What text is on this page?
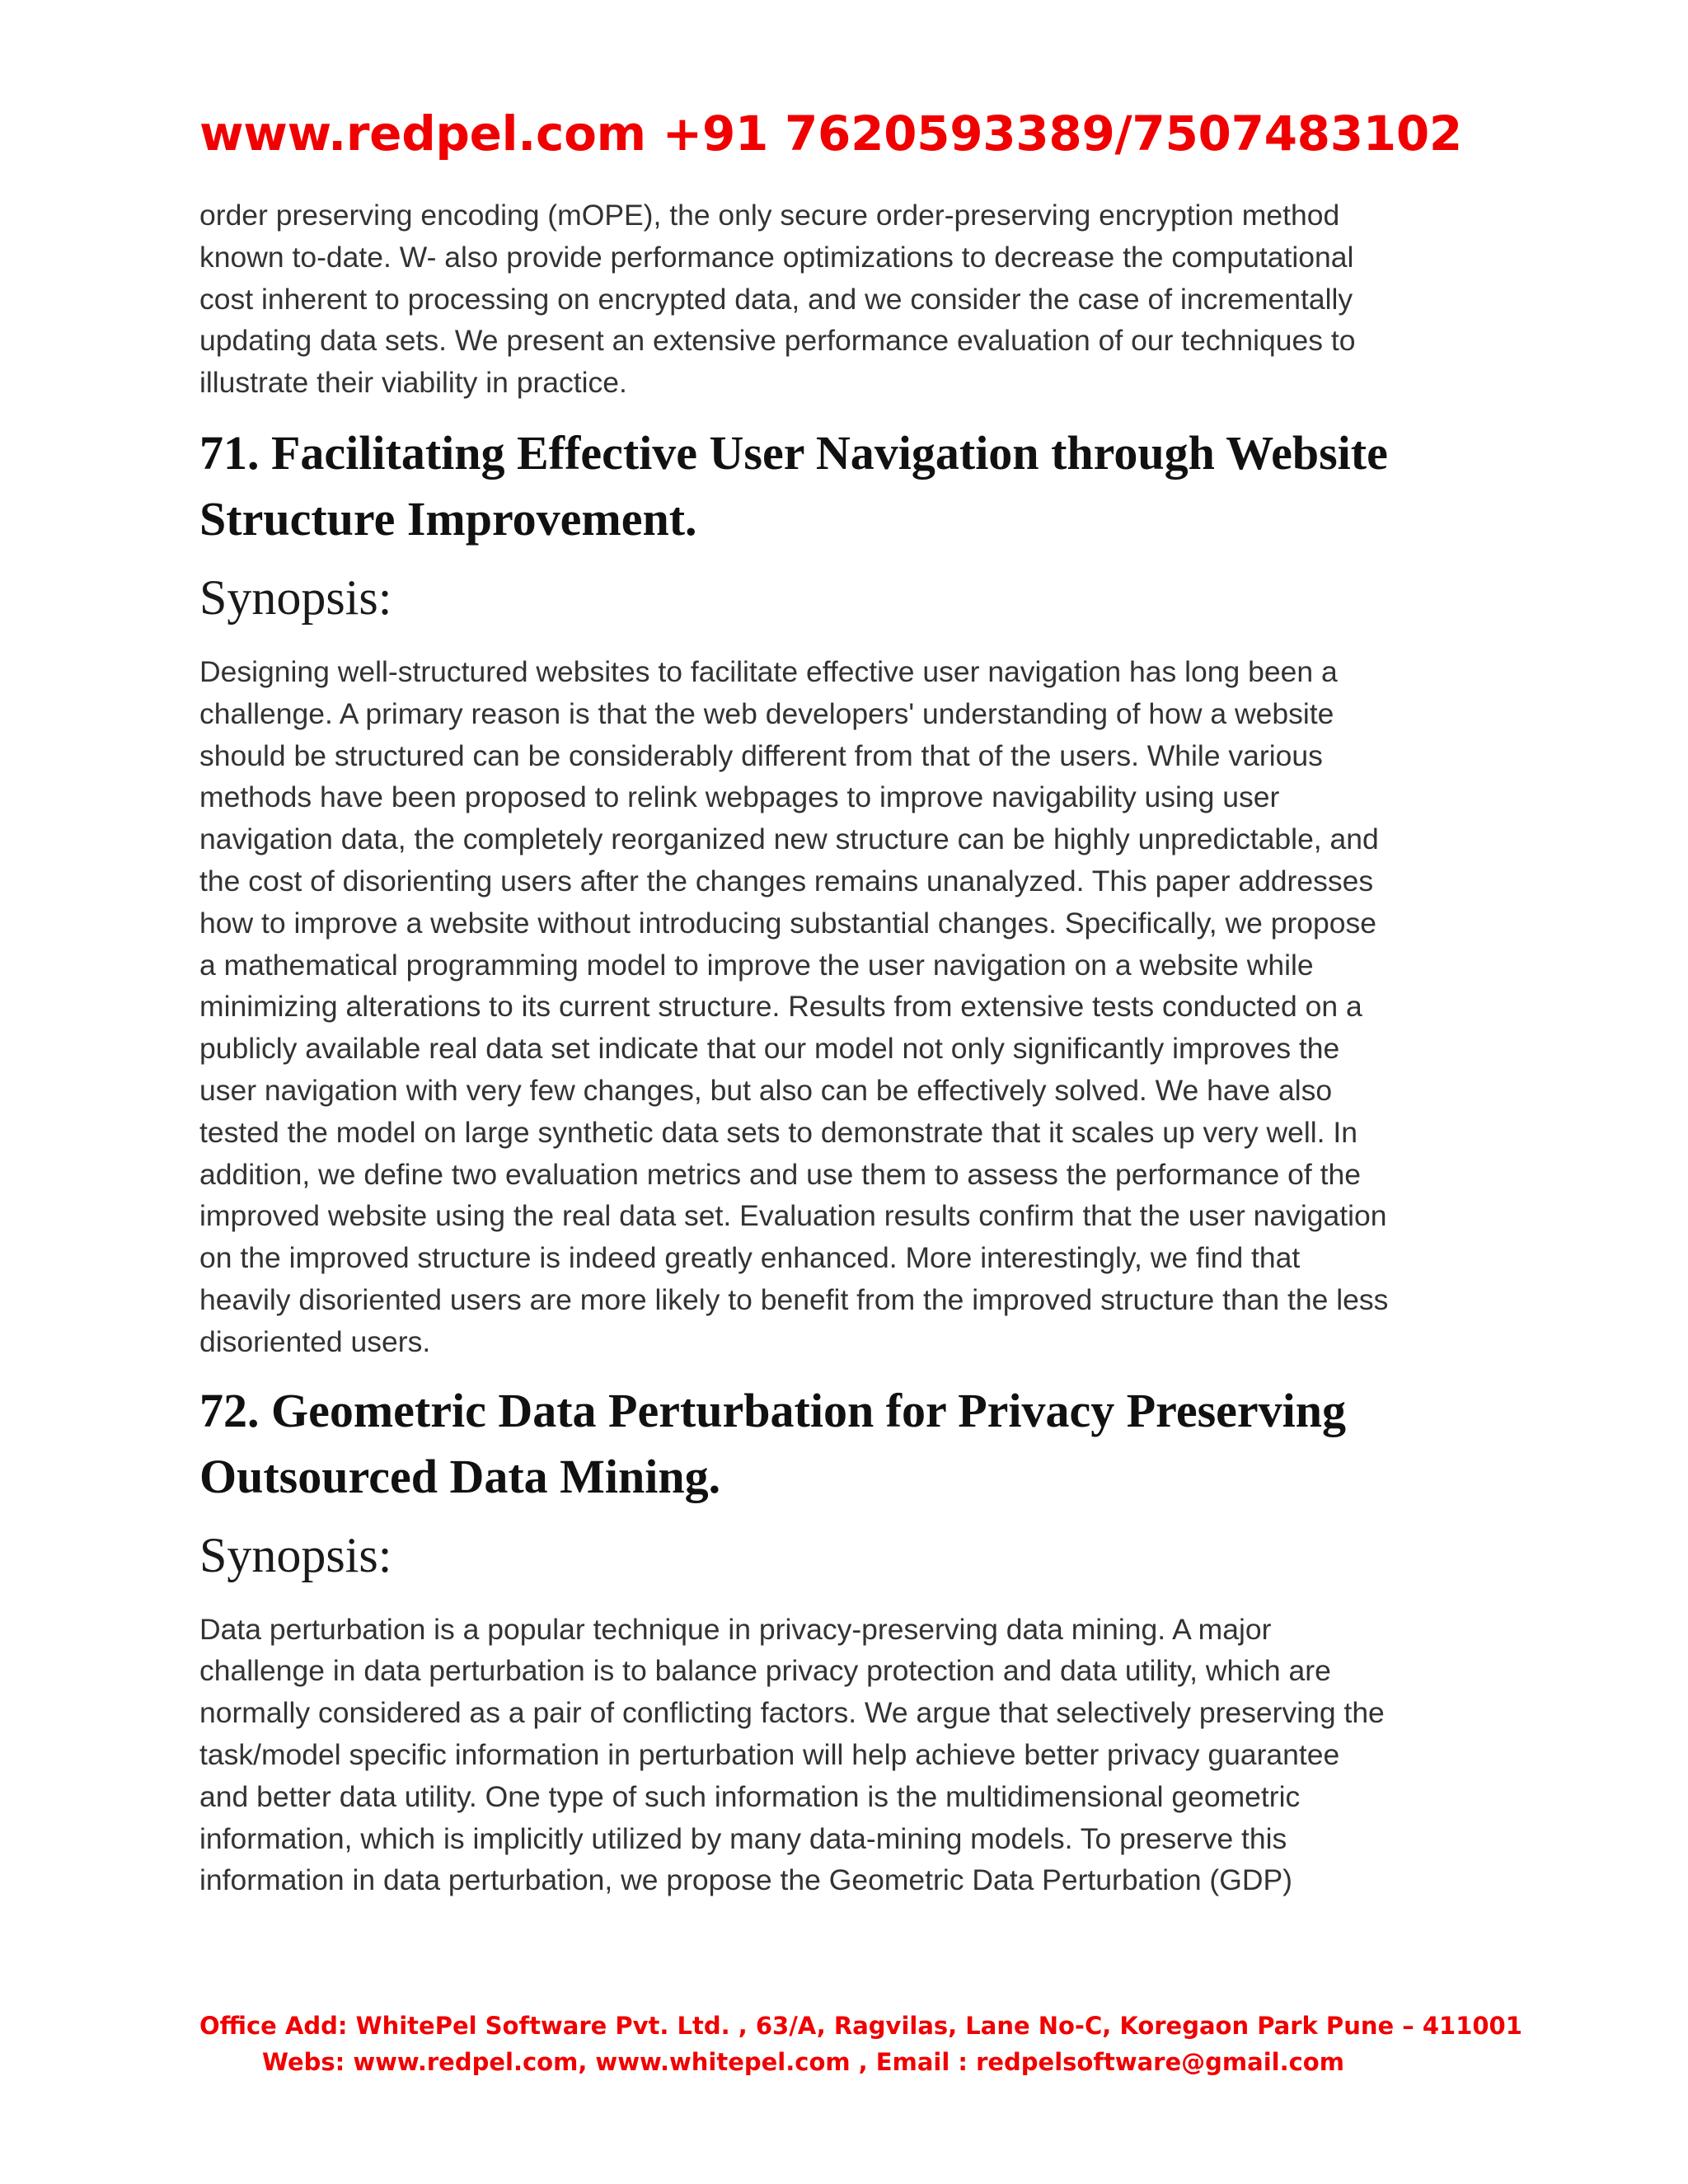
www.redpel.com +91 7620593389/7507483102
order preserving encoding (mOPE), the only secure order-preserving encryption method
known to-date. W- also provide performance optimizations to decrease the computational
cost inherent to processing on encrypted data, and we consider the case of incrementally
updating data sets. We present an extensive performance evaluation of our techniques to
illustrate their viability in practice.
71. Facilitating Effective User Navigation through Website
Structure Improvement.
Synopsis:
Designing well-structured websites to facilitate effective user navigation has long been a
challenge. A primary reason is that the web developers' understanding of how a website
should be structured can be considerably different from that of the users. While various
methods have been proposed to relink webpages to improve navigability using user
navigation data, the completely reorganized new structure can be highly unpredictable, and
the cost of disorienting users after the changes remains unanalyzed. This paper addresses
how to improve a website without introducing substantial changes. Specifically, we propose
a mathematical programming model to improve the user navigation on a website while
minimizing alterations to its current structure. Results from extensive tests conducted on a
publicly available real data set indicate that our model not only significantly improves the
user navigation with very few changes, but also can be effectively solved. We have also
tested the model on large synthetic data sets to demonstrate that it scales up very well. In
addition, we define two evaluation metrics and use them to assess the performance of the
improved website using the real data set. Evaluation results confirm that the user navigation
on the improved structure is indeed greatly enhanced. More interestingly, we find that
heavily disoriented users are more likely to benefit from the improved structure than the less
disoriented users.
72. Geometric Data Perturbation for Privacy Preserving
Outsourced Data Mining.
Synopsis:
Data perturbation is a popular technique in privacy-preserving data mining. A major
challenge in data perturbation is to balance privacy protection and data utility, which are
normally considered as a pair of conflicting factors. We argue that selectively preserving the
task/model specific information in perturbation will help achieve better privacy guarantee
and better data utility. One type of such information is the multidimensional geometric
information, which is implicitly utilized by many data-mining models. To preserve this
information in data perturbation, we propose the Geometric Data Perturbation (GDP)
Office Add: WhitePel Software Pvt. Ltd. , 63/A, Ragvilas, Lane No-C, Koregaon Park Pune – 411001
Webs: www.redpel.com, www.whitepel.com , Email : redpelsoftware@gmail.com
